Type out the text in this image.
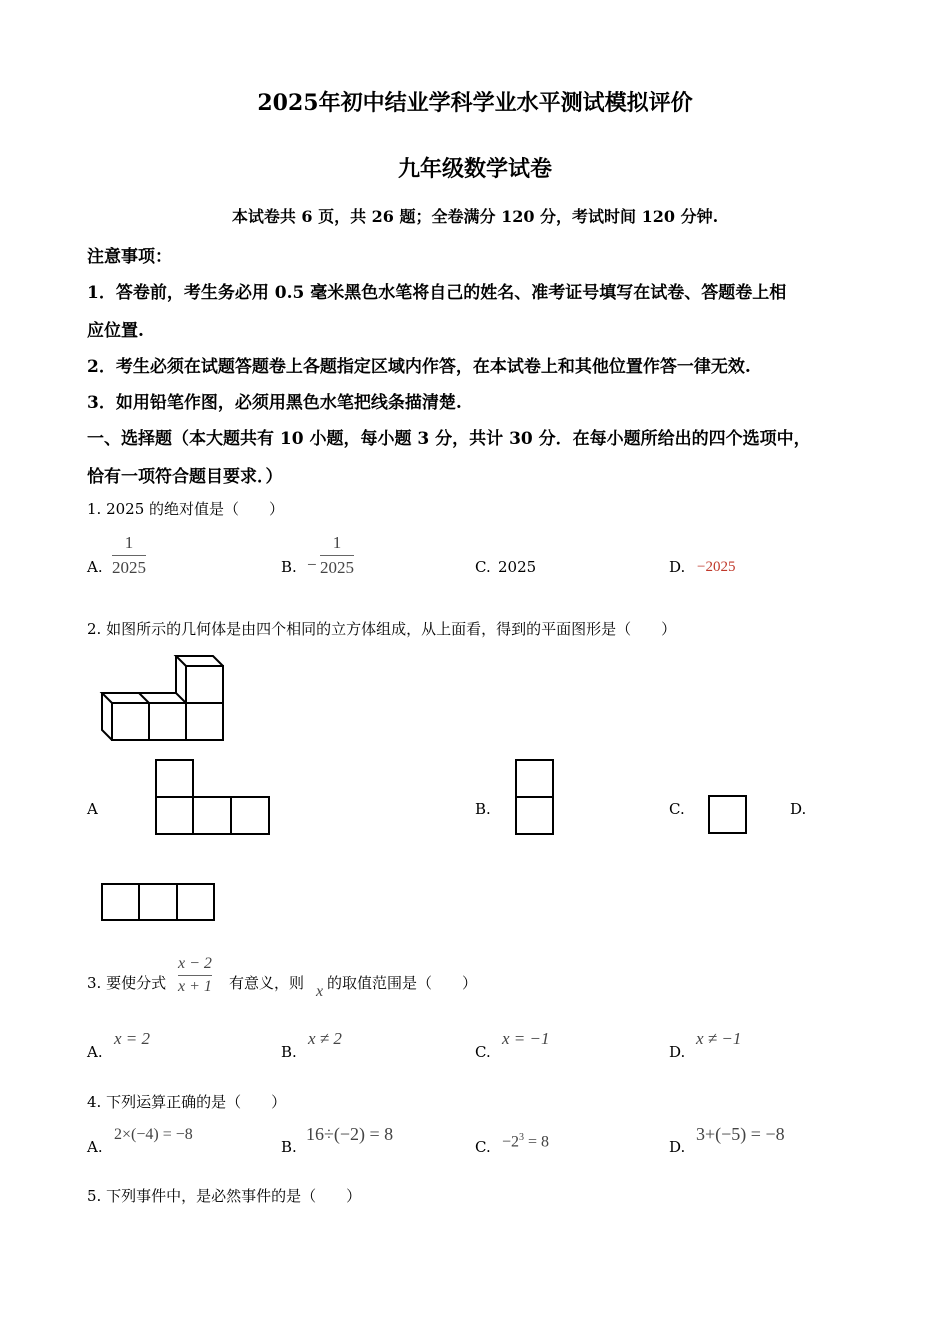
2025年初中结业学科学业水平测试模拟评价
九年级数学试卷
本试卷共 6 页，共 26 题；全卷满分 120 分，考试时间 120 分钟.
注意事项：
1．答卷前，考生务必用 0.5 毫米黑色水笔将自己的姓名、准考证号填写在试卷、答题卷上相
应位置.
2．考生必须在试题答题卷上各题指定区域内作答，在本试卷上和其他位置作答一律无效.
3．如用铅笔作图，必须用黑色水笔把线条描清楚.
一、选择题（本大题共有 10 小题，每小题 3 分，共计 30 分．在每小题所给出的四个选项中，
恰有一项符合题目要求．）
1. 2025 的绝对值是（　　）
A.
1
2025	B. −
1
2025	C. 2025	D. −2025
2. 如图所示的几何体是由四个相同的立方体组成，从上面看，得到的平面图形是（　　）
A	B.	C.	D.
3. 要使分式
x − 2
x + 1 有意义，则 x 的取值范围是（　　）
A.
x = 2
B.
x ≠ 2
C.
x = −1
D.
x ≠ −1
4. 下列运算正确的是（　　）
A.
2×(−4) = −8
B.
16÷(−2) = 8
C. $-2^3 = 8$	D.
3+(−5) = −8
5. 下列事件中，是必然事件的是（　　）
